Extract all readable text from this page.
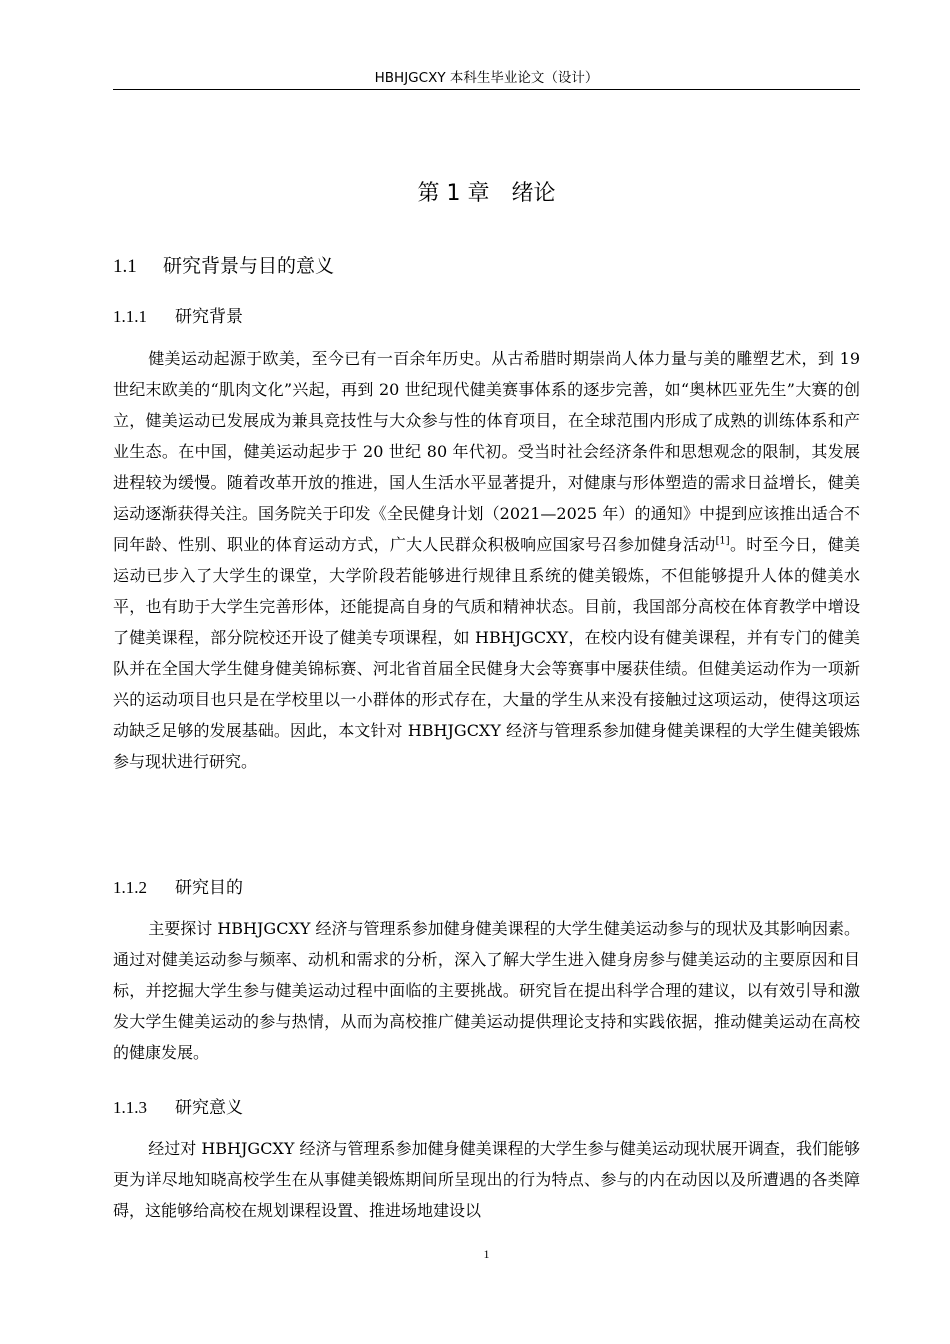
HBHJGCXY 本科生毕业论文（设计）
第 1 章 绪论
1.1 研究背景与目的意义
1.1.1 研究背景

健美运动起源于欧美，至今已有一百余年历史。从古希腊时期崇尚人体力量与美的雕塑艺术，到 19 世纪末欧美的“肌肉文化”兴起，再到 20 世纪现代健美赛事体系的逐步完善，如“奥林匹亚先生”大赛的创立，健美运动已发展成为兼具竞技性与大众参与性的体育项目，在全球范围内形成了成熟的训练体系和产业生态。在中国，健美运动起步于 20 世纪 80 年代初。受当时社会经济条件和思想观念的限制，其发展进程较为缓慢。随着改革开放的推进，国人生活水平显著提升，对健康与形体塑造的需求日益增长，健美运动逐渐获得关注。国务院关于印发《全民健身计划（2021—2025 年）的通知》中提到应该推出适合不同年龄、性别、职业的体育运动方式，广大人民群众积极响应国家号召参加健身活动[1]。时至今日，健美运动已步入了大学生的课堂，大学阶段若能够进行规律且系统的健美锻炼，不但能够提升人体的健美水平，也有助于大学生完善形体，还能提高自身的气质和精神状态。目前，我国部分高校在体育教学中增设了健美课程，部分院校还开设了健美专项课程，如 HBHJGCXY，在校内设有健美课程，并有专门的健美队并在全国大学生健身健美锦标赛、河北省首届全民健身大会等赛事中屡获佳绩。但健美运动作为一项新兴的运动项目也只是在学校里以一小群体的形式存在，大量的学生从来没有接触过这项运动，使得这项运动缺乏足够的发展基础。因此，本文针对 HBHJGCXY 经济与管理系参加健身健美课程的大学生健美锻炼参与现状进行研究。

1.1.2 研究目的

主要探讨 HBHJGCXY 经济与管理系参加健身健美课程的大学生健美运动参与的现状及其影响因素。通过对健美运动参与频率、动机和需求的分析，深入了解大学生进入健身房参与健美运动的主要原因和目标，并挖掘大学生参与健美运动过程中面临的主要挑战。研究旨在提出科学合理的建议，以有效引导和激发大学生健美运动的参与热情，从而为高校推广健美运动提供理论支持和实践依据，推动健美运动在高校的健康发展。

1.1.3 研究意义

经过对 HBHJGCXY 经济与管理系参加健身健美课程的大学生参与健美运动现状展开调查，我们能够更为详尽地知晓高校学生在从事健美锻炼期间所呈现出的行为特点、参与的内在动因以及所遭遇的各类障碍，这能够给高校在规划课程设置、推进场地建设以

1
